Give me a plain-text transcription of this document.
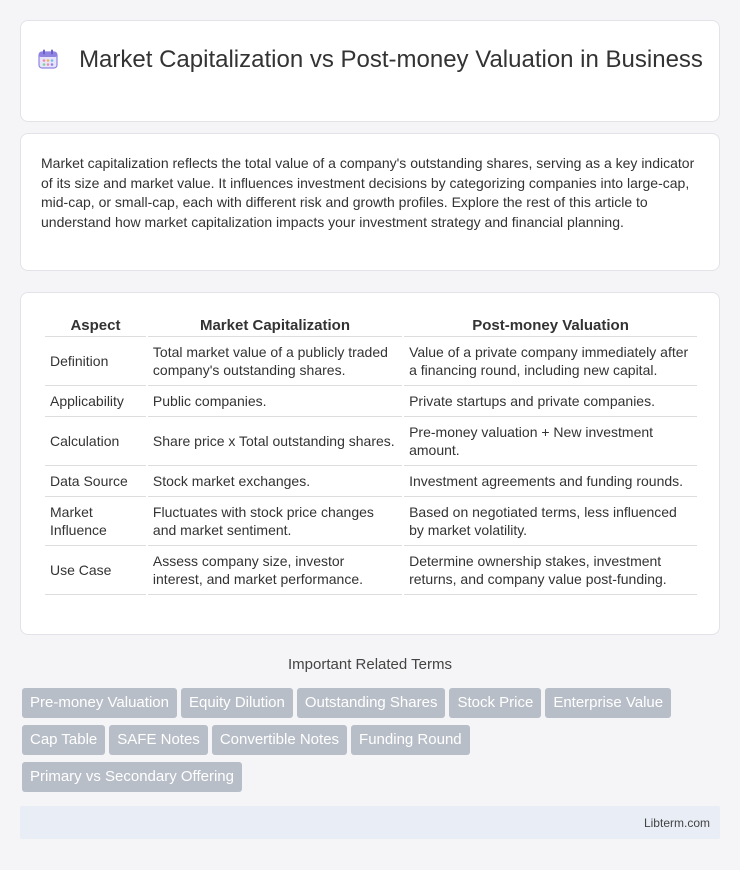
Market Capitalization vs Post-money Valuation in Business

Market capitalization reflects the total value of a company's outstanding shares, serving as a key indicator of its size and market value. It influences investment decisions by categorizing companies into large-cap, mid-cap, or small-cap, each with different risk and growth profiles. Explore the rest of this article to understand how market capitalization impacts your investment strategy and financial planning.

Aspect	Market Capitalization	Post-money Valuation
Definition	Total market value of a publicly traded company's outstanding shares.	Value of a private company immediately after a financing round, including new capital.
Applicability	Public companies.	Private startups and private companies.
Calculation	Share price x Total outstanding shares.	Pre-money valuation + New investment amount.
Data Source	Stock market exchanges.	Investment agreements and funding rounds.
Market Influence	Fluctuates with stock price changes and market sentiment.	Based on negotiated terms, less influenced by market volatility.
Use Case	Assess company size, investor interest, and market performance.	Determine ownership stakes, investment returns, and company value post-funding.
Important Related Terms
Pre-money Valuation Equity Dilution Outstanding Shares Stock Price Enterprise Value
Cap Table SAFE Notes Convertible Notes Funding Round
Primary vs Secondary Offering
Libterm.com
